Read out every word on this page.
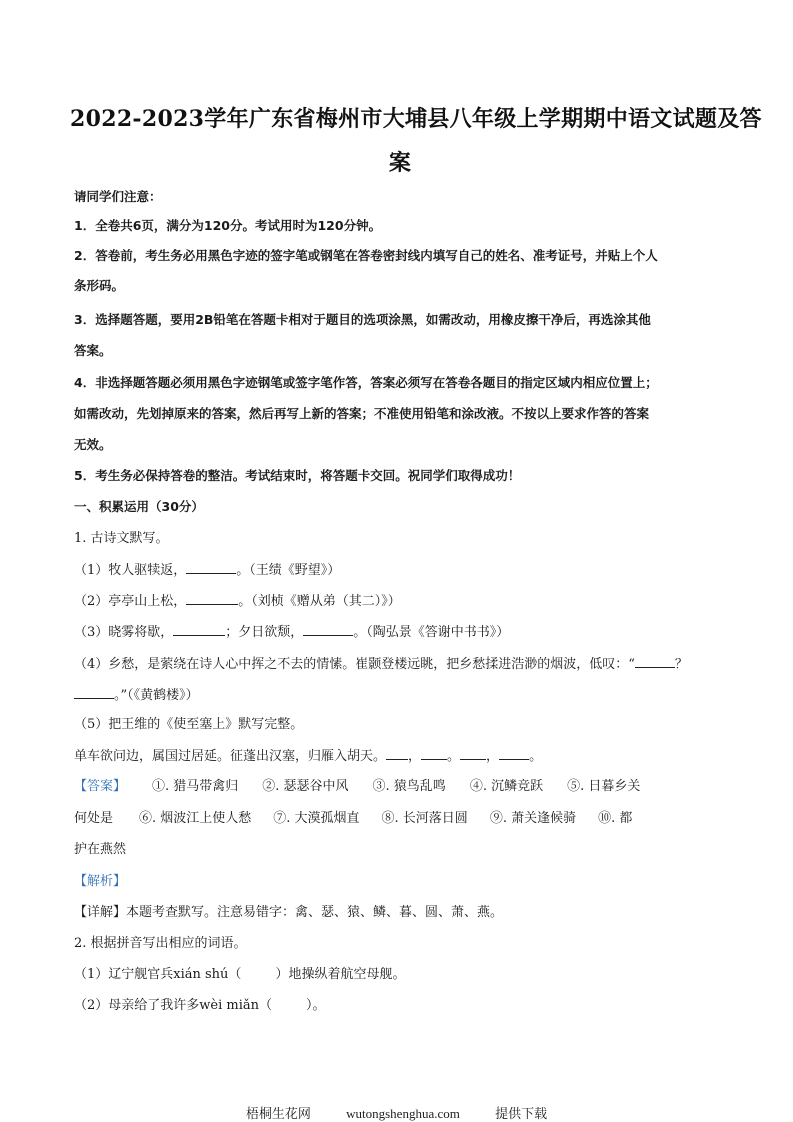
2022-2023学年广东省梅州市大埔县八年级上学期期中语文试题及答
案
请同学们注意：
1．全卷共6页，满分为120分。考试用时为120分钟。
2．答卷前，考生务必用黑色字迹的签字笔或钢笔在答卷密封线内填写自己的姓名、准考证号，并贴上个人
条形码。
3．选择题答题，要用2B铅笔在答题卡相对于题目的选项涂黑，如需改动，用橡皮擦干净后，再选涂其他
答案。
4．非选择题答题必须用黑色字迹钢笔或签字笔作答，答案必须写在答卷各题目的指定区域内相应位置上；
如需改动，先划掉原来的答案，然后再写上新的答案；不准使用铅笔和涂改液。不按以上要求作答的答案
无效。
5．考生务必保持答卷的整洁。考试结束时，将答题卡交回。祝同学们取得成功！
一、积累运用（30分）
1. 古诗文默写。
（1）牧人驱犊返，	。（王绩《野望》）
（2）亭亭山上松，	。（刘桢《赠从弟（其二）》）
（3）晓雾将歇，	；夕日欲颓，	。（陶弘景《答谢中书书》）
（4）乡愁，是萦绕在诗人心中挥之不去的情愫。崔颢登楼远眺，把乡愁揉进浩渺的烟波，低叹：“	？
。”（《黄鹤楼》）
（5）把王维的《使至塞上》默写完整。
单车欲问边，属国过居延。征蓬出汉塞，归雁入胡天。 ， 。 ， 。
【答案】 ①. 猎马带禽归 ②. 瑟瑟谷中风 ③. 猿鸟乱鸣 ④. 沉鳞竞跃 ⑤. 日暮乡关
何处是 ⑥. 烟波江上使人愁 ⑦. 大漠孤烟直 ⑧. 长河落日圆 ⑨. 萧关逢候骑 ⑩. 都
护在燕然
【解析】
【详解】本题考查默写。注意易错字：禽、瑟、猿、鳞、暮、圆、萧、燕。
2. 根据拼音写出相应的词语。
（1）辽宁舰官兵xián shú（	）地操纵着航空母舰。
（2）母亲给了我许多wèi miǎn（	）。
梧桐生花网	wutongshenghua.com	提供下载
